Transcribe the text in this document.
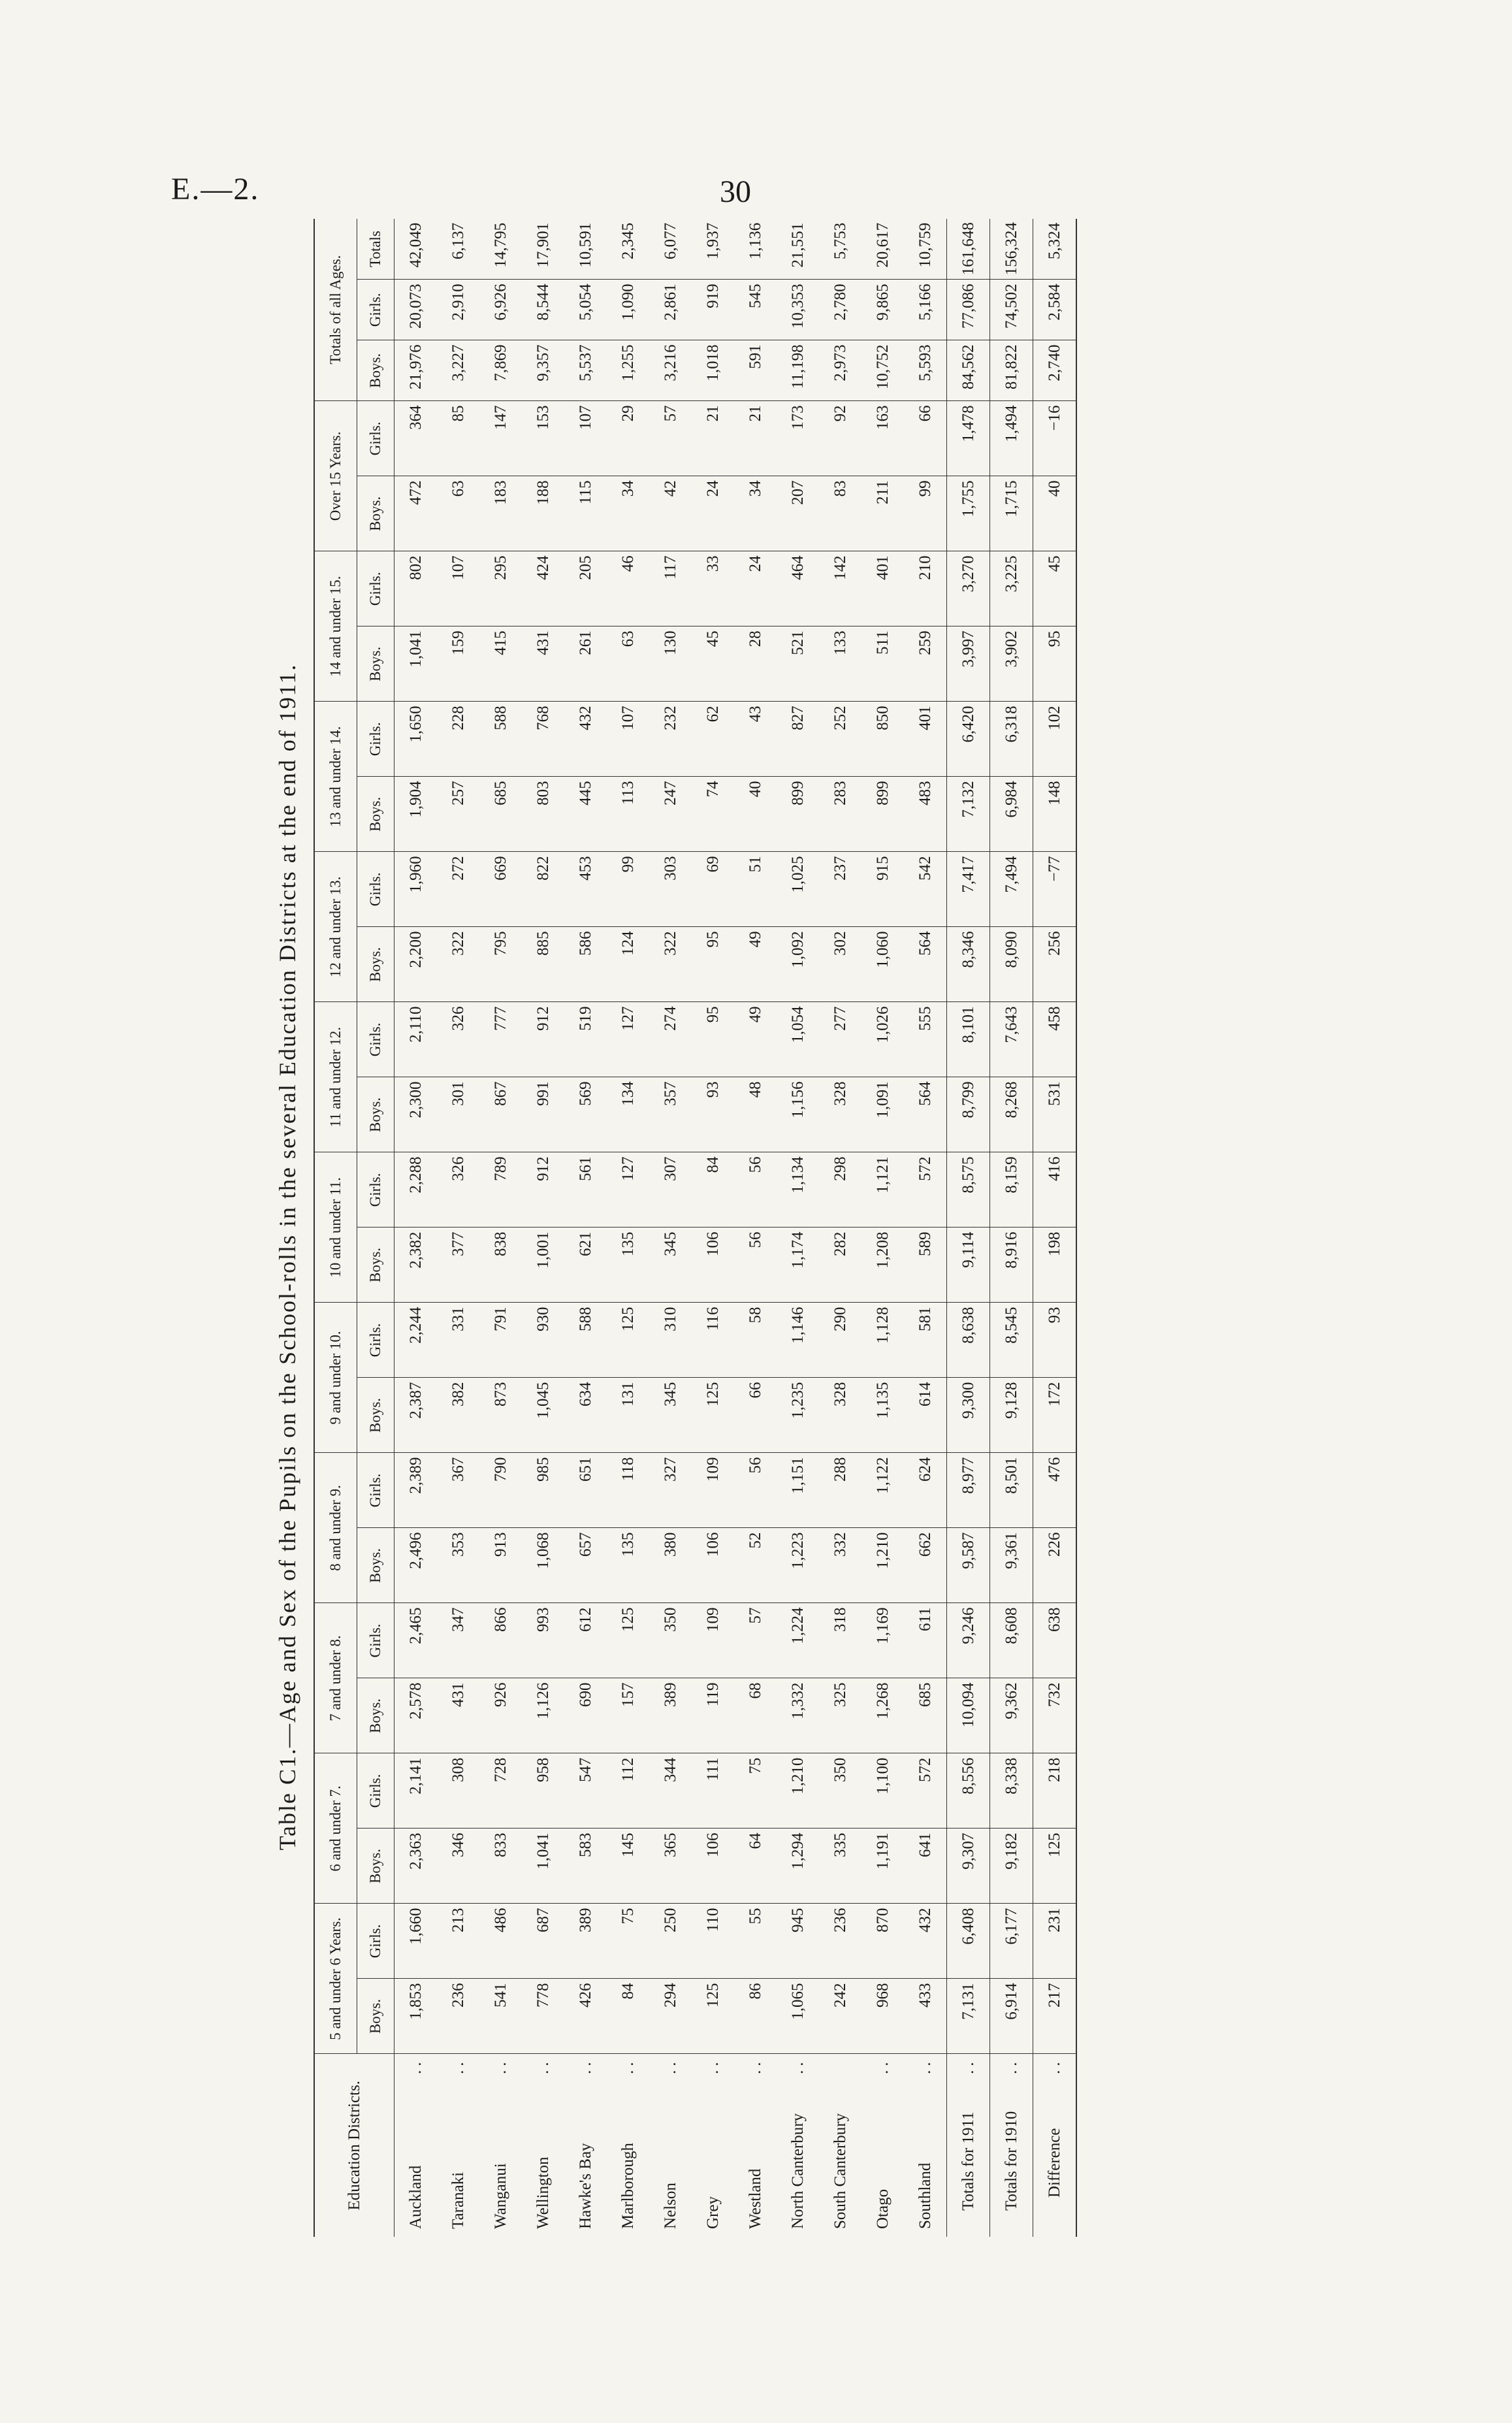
E.—2.	30
Table C1.—Age and Sex of the Pupils on the School-rolls in the several Education Districts at the end of 1911.
Education Districts.	5 and under 6 Years.		6 and under 7.		7 and under 8.		8 and under 9.		9 and under 10.		10 and under 11.		11 and under 12.		12 and under 13.		13 and under 14.		14 and under 15.		Over 15 Years.		Totals of all Ages.		
	Boys.	Girls.	Boys.	Girls.	Boys.	Girls.	Boys.	Girls.	Boys.	Girls.	Boys.	Girls.	Boys.	Girls.	Boys.	Girls.	Boys.	Girls.	Boys.	Girls.	Boys.	Girls.	Boys.	Girls.	Totals

..
Auckland	1,853	1,660	2,363	2,141	2,578	2,465	2,496	2,389	2,387	2,244	2,382	2,288	2,300	2,110	2,200	1,960	1,904	1,650	1,041	802	472	364	21,976	20,073	42,049

..
Taranaki	236	213	346	308	431	347	353	367	382	331	377	326	301	326	322	272	257	228	159	107	63	85	3,227	2,910	6,137

..
Wanganui	541	486	833	728	926	866	913	790	873	791	838	789	867	777	795	669	685	588	415	295	183	147	7,869	6,926	14,795

..
Wellington	778	687	1,041	958	1,126	993	1,068	985	1,045	930	1,001	912	991	912	885	822	803	768	431	424	188	153	9,357	8,544	17,901

..
Hawke's Bay	426	389	583	547	690	612	657	651	634	588	621	561	569	519	586	453	445	432	261	205	115	107	5,537	5,054	10,591

..
Marlborough	84	75	145	112	157	125	135	118	131	125	135	127	134	127	124	99	113	107	63	46	34	29	1,255	1,090	2,345

..
Nelson	294	250	365	344	389	350	380	327	345	310	345	307	357	274	322	303	247	232	130	117	42	57	3,216	2,861	6,077

..
Grey	125	110	106	111	119	109	106	109	125	116	106	84	93	95	95	69	74	62	45	33	24	21	1,018	919	1,937

..
Westland	86	55	64	75	68	57	52	56	66	58	56	56	48	49	49	51	40	43	28	24	34	21	591	545	1,136

..
North Canterbury	1,065	945	1,294	1,210	1,332	1,224	1,223	1,151	1,235	1,146	1,174	1,134	1,156	1,054	1,092	1,025	899	827	521	464	207	173	11,198	10,353	21,551

South Canterbury	242	236	335	350	325	318	332	288	328	290	282	298	328	277	302	237	283	252	133	142	83	92	2,973	2,780	5,753

..
Otago	968	870	1,191	1,100	1,268	1,169	1,210	1,122	1,135	1,128	1,208	1,121	1,091	1,026	1,060	915	899	850	511	401	211	163	10,752	9,865	20,617

..
Southland	433	432	641	572	685	611	662	624	614	581	589	572	564	555	564	542	483	401	259	210	99	66	5,593	5,166	10,759

..
Totals for 1911	7,131	6,408	9,307	8,556	10,094	9,246	9,587	8,977	9,300	8,638	9,114	8,575	8,799	8,101	8,346	7,417	7,132	6,420	3,997	3,270	1,755	1,478	84,562	77,086	161,648

..
Totals for 1910	6,914	6,177	9,182	8,338	9,362	8,608	9,361	8,501	9,128	8,545	8,916	8,159	8,268	7,643	8,090	7,494	6,984	6,318	3,902	3,225	1,715	1,494	81,822	74,502	156,324

..
Difference	217	231	125	218	732	638	226	476	172	93	198	416	531	458	256	−77	148	102	95	45	40	−16	2,740	2,584	5,324
